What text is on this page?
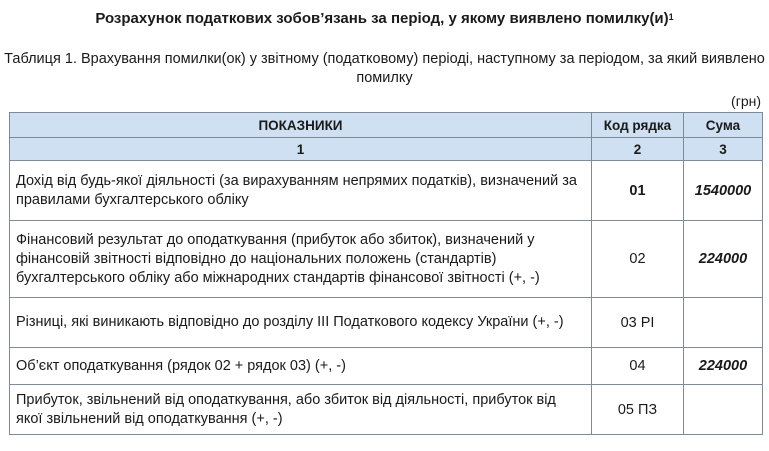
Розрахунок податкових зобов’язань за період, у якому виявлено $помилку(и)^1$
Таблиця 1. Врахування помилки(ок) у звітному (податковому) періоді, наступному за періодом, за який виявлено помилку
(грн)
ПОКАЗНИКИ	Код рядка	Сума
1	2	3
Дохід від будь-якої діяльності (за вирахуванням непрямих податків), визначений за правилами бухгалтерського обліку	01	1540000
Фінансовий результат до оподаткування (прибуток або збиток), визначений у фінансовій звітності відповідно до національних положень (стандартів) бухгалтерського обліку або міжнародних стандартів фінансової звітності (+, -)	02	224000
Різниці, які виникають відповідно до розділу III Податкового кодексу України (+, -)	03 РІ	
Об’єкт оподаткування (рядок 02 + рядок 03) (+, -)	04	224000
Прибуток, звільнений від оподаткування, або збиток від діяльності, прибуток від якої звільнений від оподаткування (+, -)	05 ПЗ	
